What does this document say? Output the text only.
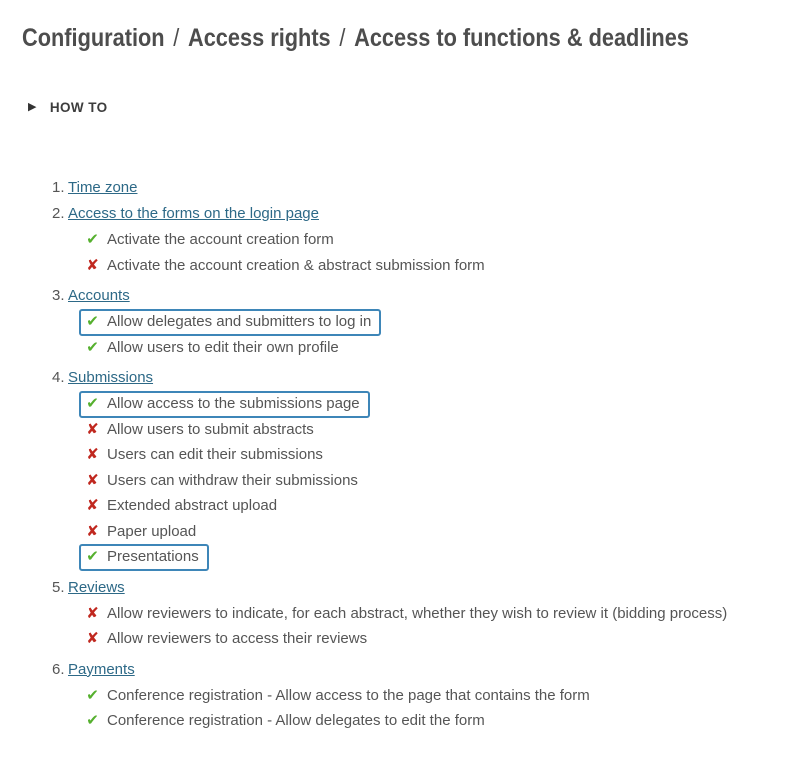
Configuration / Access rights / Access to functions & deadlines
▶ HOW TO
1. Time zone
2. Access to the forms on the login page
✔ Activate the account creation form
✘ Activate the account creation & abstract submission form
3. Accounts
✔ Allow delegates and submitters to log in
✔ Allow users to edit their own profile
4. Submissions
✔ Allow access to the submissions page
✘ Allow users to submit abstracts
✘ Users can edit their submissions
✘ Users can withdraw their submissions
✘ Extended abstract upload
✘ Paper upload
✔ Presentations
5. Reviews
✘ Allow reviewers to indicate, for each abstract, whether they wish to review it (bidding process)
✘ Allow reviewers to access their reviews
6. Payments
✔ Conference registration - Allow access to the page that contains the form
✔ Conference registration - Allow delegates to edit the form
